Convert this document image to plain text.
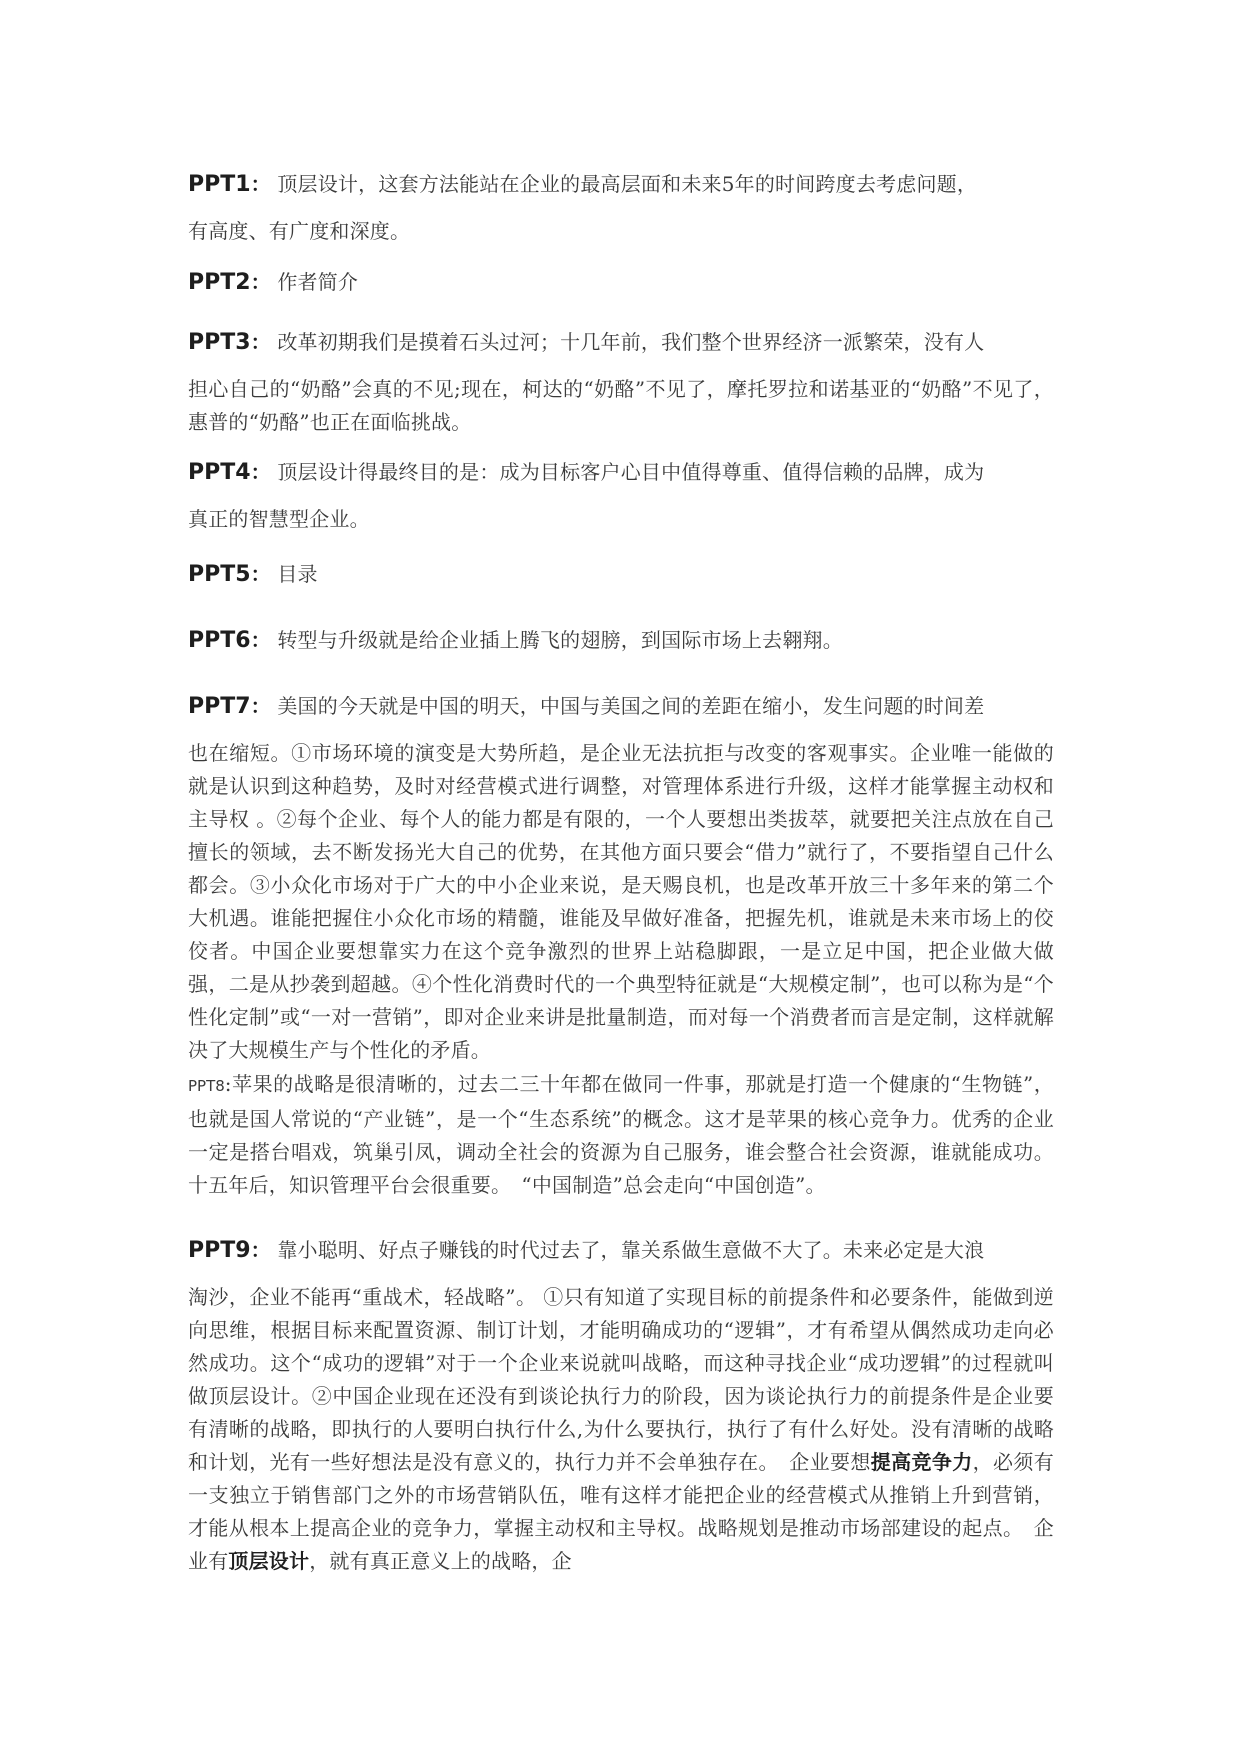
PPT1： 顶层设计，这套方法能站在企业的最高层面和未来5年的时间跨度去考虑问题，
有高度、有广度和深度。

PPT2： 作者简介

PPT3： 改革初期我们是摸着石头过河；十几年前，我们整个世界经济一派繁荣，没有人
担心自己的“奶酪”会真的不见;现在，柯达的“奶酪”不见了，摩托罗拉和诺基亚的“奶酪”不见了，惠普的“奶酪”也正在面临挑战。

PPT4： 顶层设计得最终目的是：成为目标客户心目中值得尊重、值得信赖的品牌，成为
真正的智慧型企业。

PPT5： 目录

PPT6： 转型与升级就是给企业插上腾飞的翅膀，到国际市场上去翱翔。

PPT7： 美国的今天就是中国的明天，中国与美国之间的差距在缩小，发生问题的时间差
也在缩短。①市场环境的演变是大势所趋，是企业无法抗拒与改变的客观事实。企业唯一能做的就是认识到这种趋势，及时对经营模式进行调整，对管理体系进行升级，这样才能掌握主动权和主导权 。②每个企业、每个人的能力都是有限的，一个人要想出类拔萃，就要把关注点放在自己擅长的领域，去不断发扬光大自己的优势，在其他方面只要会“借力”就行了，不要指望自己什么都会。③小众化市场对于广大的中小企业来说，是天赐良机，也是改革开放三十多年来的第二个大机遇。谁能把握住小众化市场的精髓，谁能及早做好准备，把握先机，谁就是未来市场上的佼佼者。中国企业要想靠实力在这个竞争激烈的世界上站稳脚跟，一是立足中国，把企业做大做强，二是从抄袭到超越。④个性化消费时代的一个典型特征就是“大规模定制”，也可以称为是“个性化定制”或“一对一营销”，即对企业来讲是批量制造，而对每一个消费者而言是定制，这样就解决了大规模生产与个性化的矛盾。

PPT8:苹果的战略是很清晰的，过去二三十年都在做同一件事，那就是打造一个健康的“生物链”，也就是国人常说的“产业链”，是一个“生态系统”的概念。这才是苹果的核心竞争力。优秀的企业一定是搭台唱戏，筑巢引凤，调动全社会的资源为自己服务，谁会整合社会资源，谁就能成功。十五年后，知识管理平台会很重要。　“中国制造”总会走向“中国创造”。

PPT9： 靠小聪明、好点子赚钱的时代过去了，靠关系做生意做不大了。未来必定是大浪
淘沙，企业不能再“重战术，轻战略”。 ①只有知道了实现目标的前提条件和必要条件，能做到逆向思维，根据目标来配置资源、制订计划，才能明确成功的“逻辑”，才有希望从偶然成功走向必然成功。这个“成功的逻辑”对于一个企业来说就叫战略，而这种寻找企业“成功逻辑”的过程就叫做顶层设计。②中国企业现在还没有到谈论执行力的阶段，因为谈论执行力的前提条件是企业要有清晰的战略，即执行的人要明白执行什么,为什么要执行，执行了有什么好处。没有清晰的战略和计划，光有一些好想法是没有意义的，执行力并不会单独存在。　企业要想提高竞争力，必须有一支独立于销售部门之外的市场营销队伍，唯有这样才能把企业的经营模式从推销上升到营销，才能从根本上提高企业的竞争力，掌握主动权和主导权。战略规划是推动市场部建设的起点。　企业有顶层设计，就有真正意义上的战略，企
